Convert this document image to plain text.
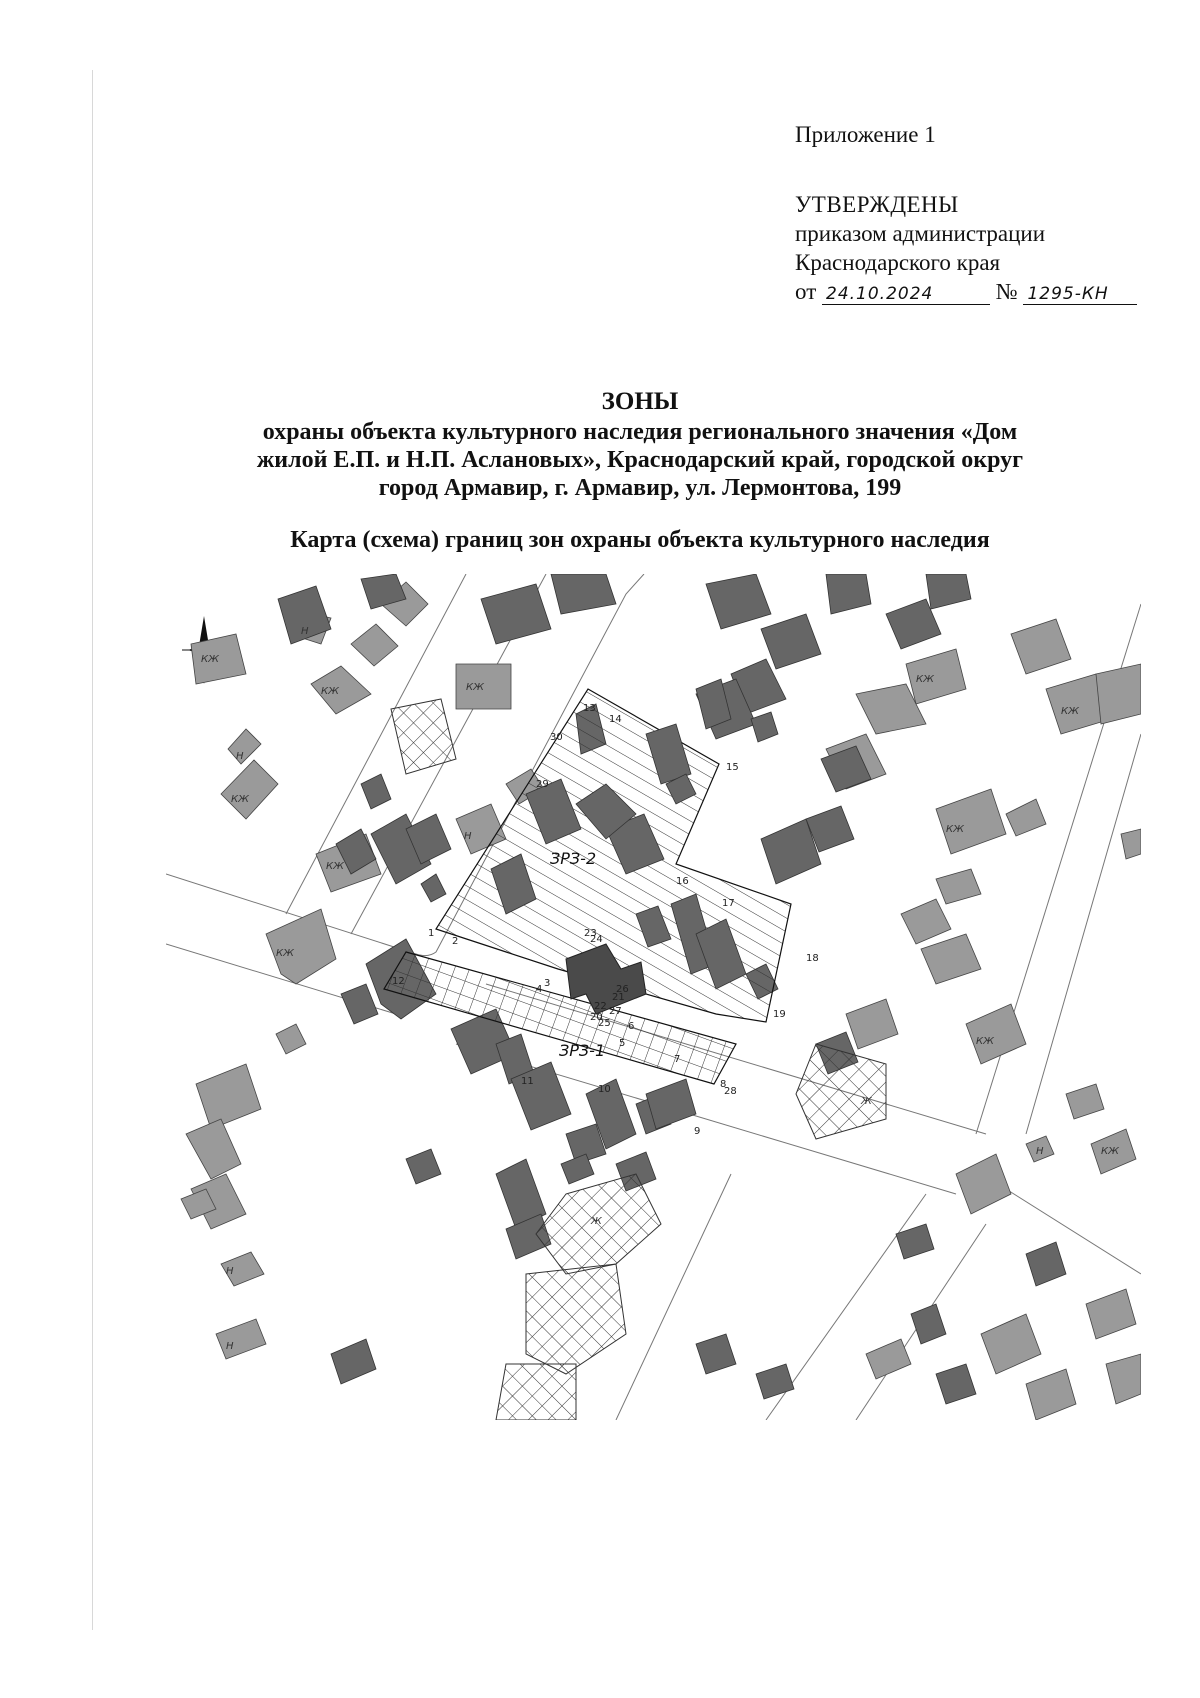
Приложение 1
УТВЕРЖДЕНЫ
приказом администрации
Краснодарского края
от 24.10.2024	№ 1295-КН
ЗОНЫ
охраны объекта культурного наследия регионального значения «Дом
жилой Е.П. и Н.П. Аслановых», Краснодарский край, городской округ
город Армавир, г. Армавир, ул. Лермонтова, 199
Карта (схема) границ зон охраны объекта культурного наследия
ЗРЗ-2
ЗРЗ-1
1
2
3
4
5
6
7
8
9
10
11
12
13
14
15
16
17
18
19
20
21
22
23
24
25
26
27
28
29
30
КЖ
КЖ
КЖ
КЖ
КЖ
КЖ
КЖ
КЖ
КЖ
КЖ
КЖ
Н
Н
Н
Н
Н
Н
Ж
Ж
